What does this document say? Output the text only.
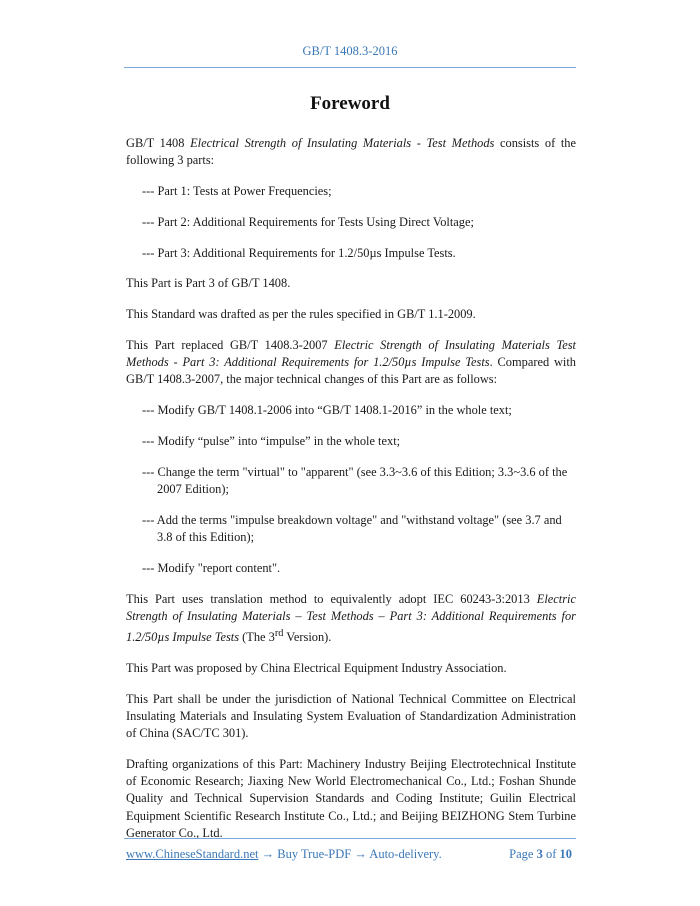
GB/T 1408.3-2016
Foreword

GB/T 1408 Electrical Strength of Insulating Materials - Test Methods consists of the following 3 parts:

--- Part 1: Tests at Power Frequencies;
--- Part 2: Additional Requirements for Tests Using Direct Voltage;
--- Part 3: Additional Requirements for 1.2/50µs Impulse Tests.

This Part is Part 3 of GB/T 1408.

This Standard was drafted as per the rules specified in GB/T 1.1-2009.

This Part replaced GB/T 1408.3-2007 Electric Strength of Insulating Materials Test Methods - Part 3: Additional Requirements for 1.2/50µs Impulse Tests. Compared with GB/T 1408.3-2007, the major technical changes of this Part are as follows:

--- Modify GB/T 1408.1-2006 into “GB/T 1408.1-2016” in the whole text;
--- Modify “pulse” into “impulse” in the whole text;
--- Change the term "virtual" to "apparent" (see 3.3~3.6 of this Edition; 3.3~3.6 of the 2007 Edition);
--- Add the terms "impulse breakdown voltage" and "withstand voltage" (see 3.7 and 3.8 of this Edition);
--- Modify "report content".

This Part uses translation method to equivalently adopt IEC 60243-3:2013 Electric Strength of Insulating Materials – Test Methods – Part 3: Additional Requirements for 1.2/50µs Impulse Tests (The 3rd Version).

This Part was proposed by China Electrical Equipment Industry Association.

This Part shall be under the jurisdiction of National Technical Committee on Electrical Insulating Materials and Insulating System Evaluation of Standardization Administration of China (SAC/TC 301).

Drafting organizations of this Part: Machinery Industry Beijing Electrotechnical Institute of Economic Research; Jiaxing New World Electromechanical Co., Ltd.; Foshan Shunde Quality and Technical Supervision Standards and Coding Institute; Guilin Electrical Equipment Scientific Research Institute Co., Ltd.; and Beijing BEIZHONG Stem Turbine Generator Co., Ltd.

www.ChineseStandard.net → Buy True-PDF → Auto-delivery.	Page 3 of 10
